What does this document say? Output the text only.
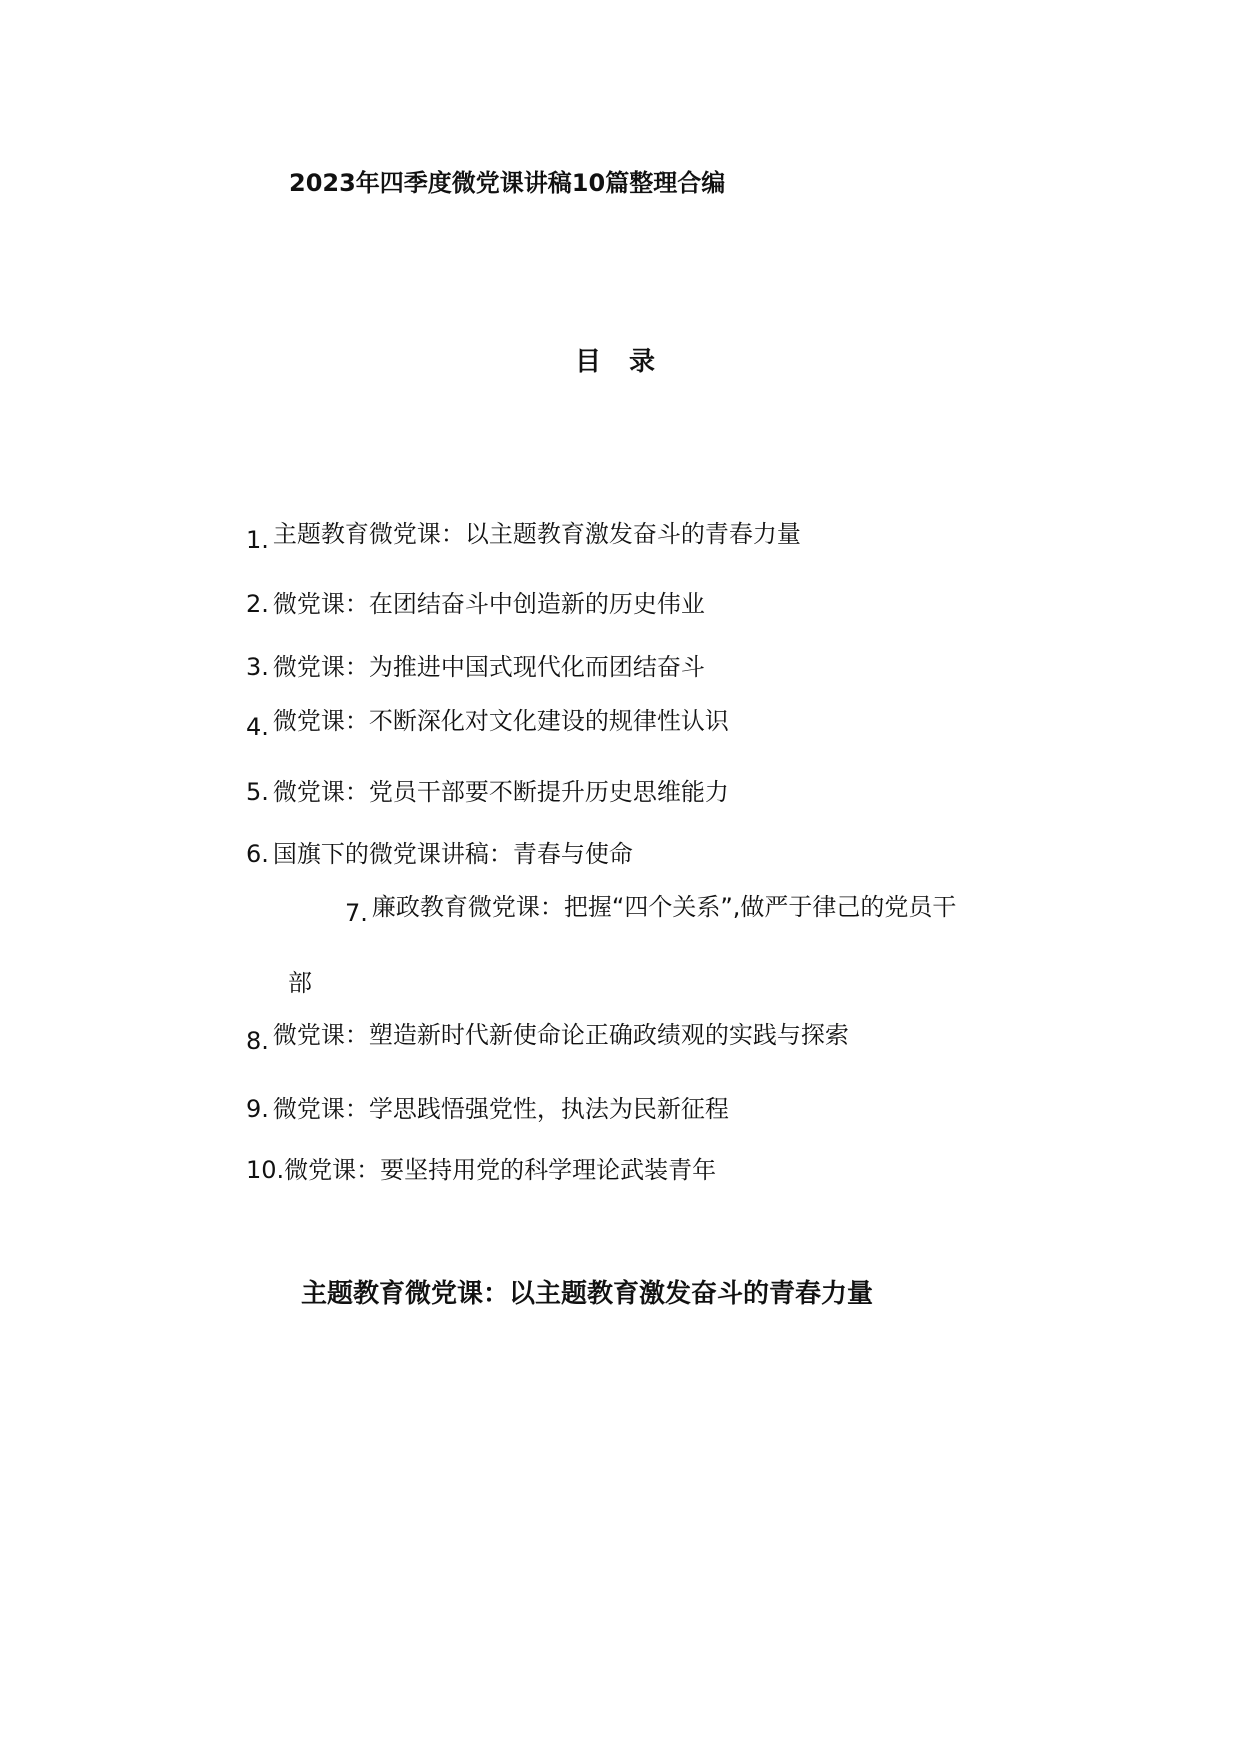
2023年四季度微党课讲稿10篇整理合编
目 录
1. 主题教育微党课：以主题教育激发奋斗的青春力量
2. 微党课：在团结奋斗中创造新的历史伟业
3. 微党课：为推进中国式现代化而团结奋斗
4. 微党课：不断深化对文化建设的规律性认识
5. 微党课：党员干部要不断提升历史思维能力
6. 国旗下的微党课讲稿：青春与使命
7. 廉政教育微党课：把握“四个关系”,做严于律己的党员干
部
8. 微党课：塑造新时代新使命论正确政绩观的实践与探索
9. 微党课：学思践悟强党性，执法为民新征程
10.微党课：要坚持用党的科学理论武装青年
主题教育微党课：以主题教育激发奋斗的青春力量
